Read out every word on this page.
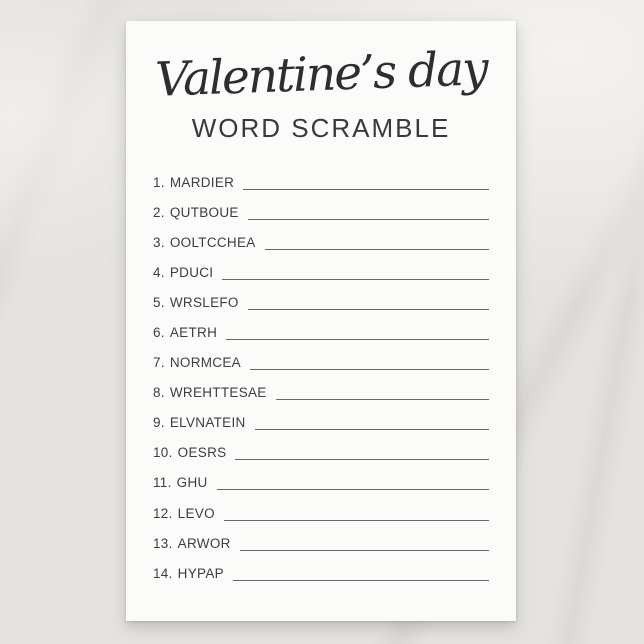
Valentine’s day
WORD SCRAMBLE
1. MARDIER
2. QUTBOUE
3. OOLTCCHEA
4. PDUCI
5. WRSLEFO
6. AETRH
7. NORMCEA
8. WREHTTESAE
9. ELVNATEIN
10. OESRS
11. GHU
12. LEVO
13. ARWOR
14. HYPAP
